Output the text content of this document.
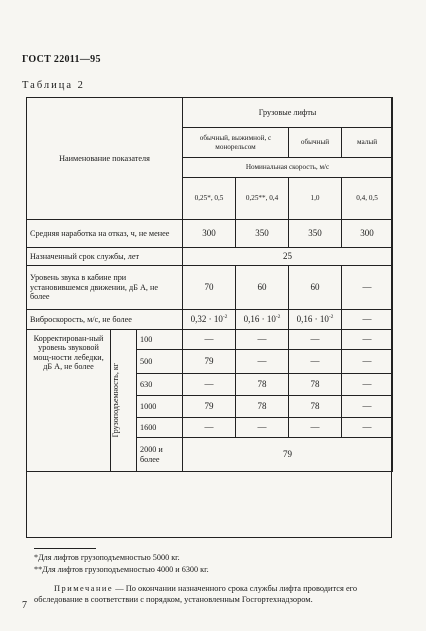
ГОСТ 22011—95
Таблица 2
Наименование показателя			Грузовые лифты			
			обычный, выжимной, с монорельсом		обычный	малый
			Номинальная скорость, м/с			
			0,25*, 0,5	0,25**, 0,4	1,0	0,4, 0,5
Средняя наработка на отказ, ч, не менее			300	350	350	300
Назначенный срок службы, лет			25			
Уровень звука в кабине при установившемся движении, дБ А, не более			70	60	60	—
Виброскорость, м/с, не более			$0,32 \cdot 10^{-2}$	$0,16 \cdot 10^{-2}$	$0,16 \cdot 10^{-2}$	—
Корректирован-ный уровень звуковой мощ-ности лебедки, дБ А, не более	Грузоподъемность, кг	100	—	—	—	—
		500	79	—	—	—
		630	—	78	78	—
		1000	79	78	78	—
		1600	—	—	—	—
		2000 и более	79			
*Для лифтов грузоподъемностью 5000 кг.
**Для лифтов грузоподъемностью 4000 и 6300 кг.
Примечание — По окончании назначенного срока службы лифта проводится его обследование в соответствии с порядком, установленным Госгортехнадзором.
7
